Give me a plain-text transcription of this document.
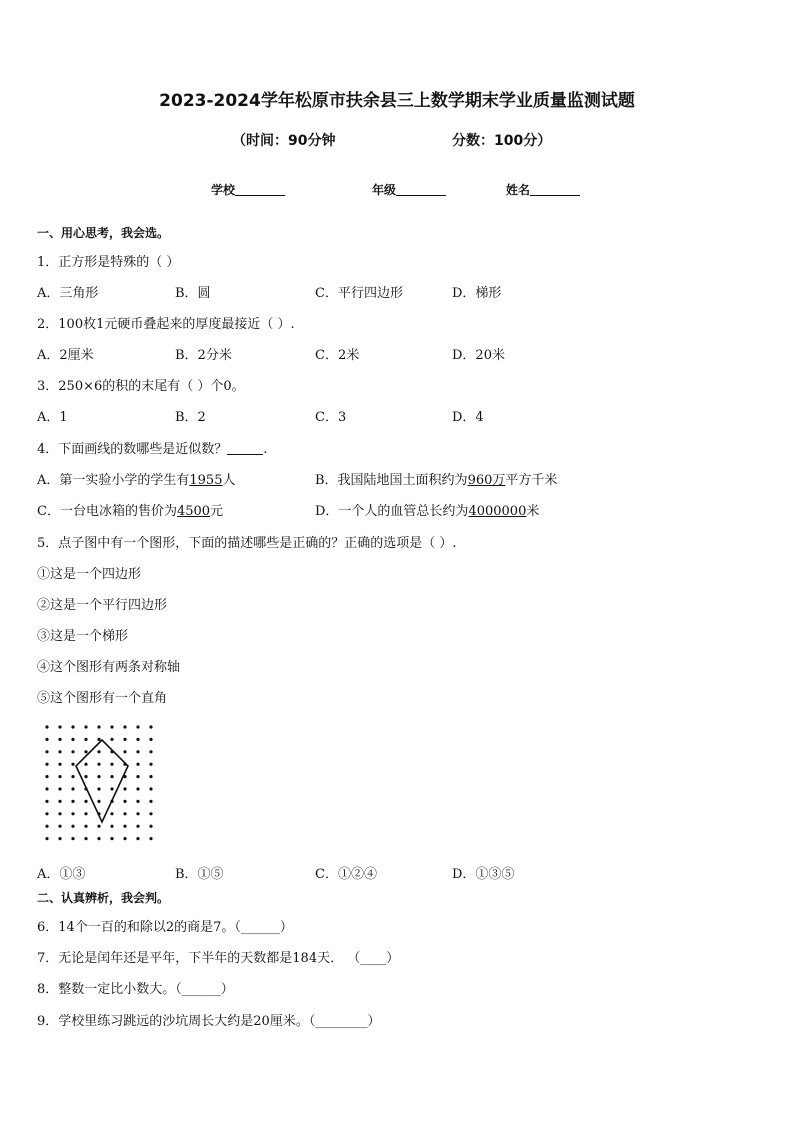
2023-2024学年松原市扶余县三上数学期末学业质量监测试题
（时间：90分钟	分数：100分）
学校	年级	姓名
一、用心思考，我会选。
1．正方形是特殊的（ ）
A．三角形	B．圆	C．平行四边形	D．梯形
2．100枚1元硬币叠起来的厚度最接近（ ）.
A．2厘米	B．2分米	C．2米	D．20米
3．250×6的积的末尾有（ ）个0。
A．1	B．2	C．3	D．4
4．下面画线的数哪些是近似数？	.
A．第一实验小学的学生有1955人	B．我国陆地国土面积约为960万平方千米
C．一台电冰箱的售价为4500元	D．一个人的血管总长约为4000000米
5．点子图中有一个图形，下面的描述哪些是正确的？正确的选项是（ ）.
①这是一个四边形
②这是一个平行四边形
③这是一个梯形
④这个图形有两条对称轴
⑤这个图形有一个直角
A．①③	B．①⑤	C．①②④	D．①③⑤
二、认真辨析，我会判。
6．14个一百的和除以2的商是7。（______）
7．无论是闰年还是平年，下半年的天数都是184天． （____）
8．整数一定比小数大。（______）
9．学校里练习跳远的沙坑周长大约是20厘米。（________）
